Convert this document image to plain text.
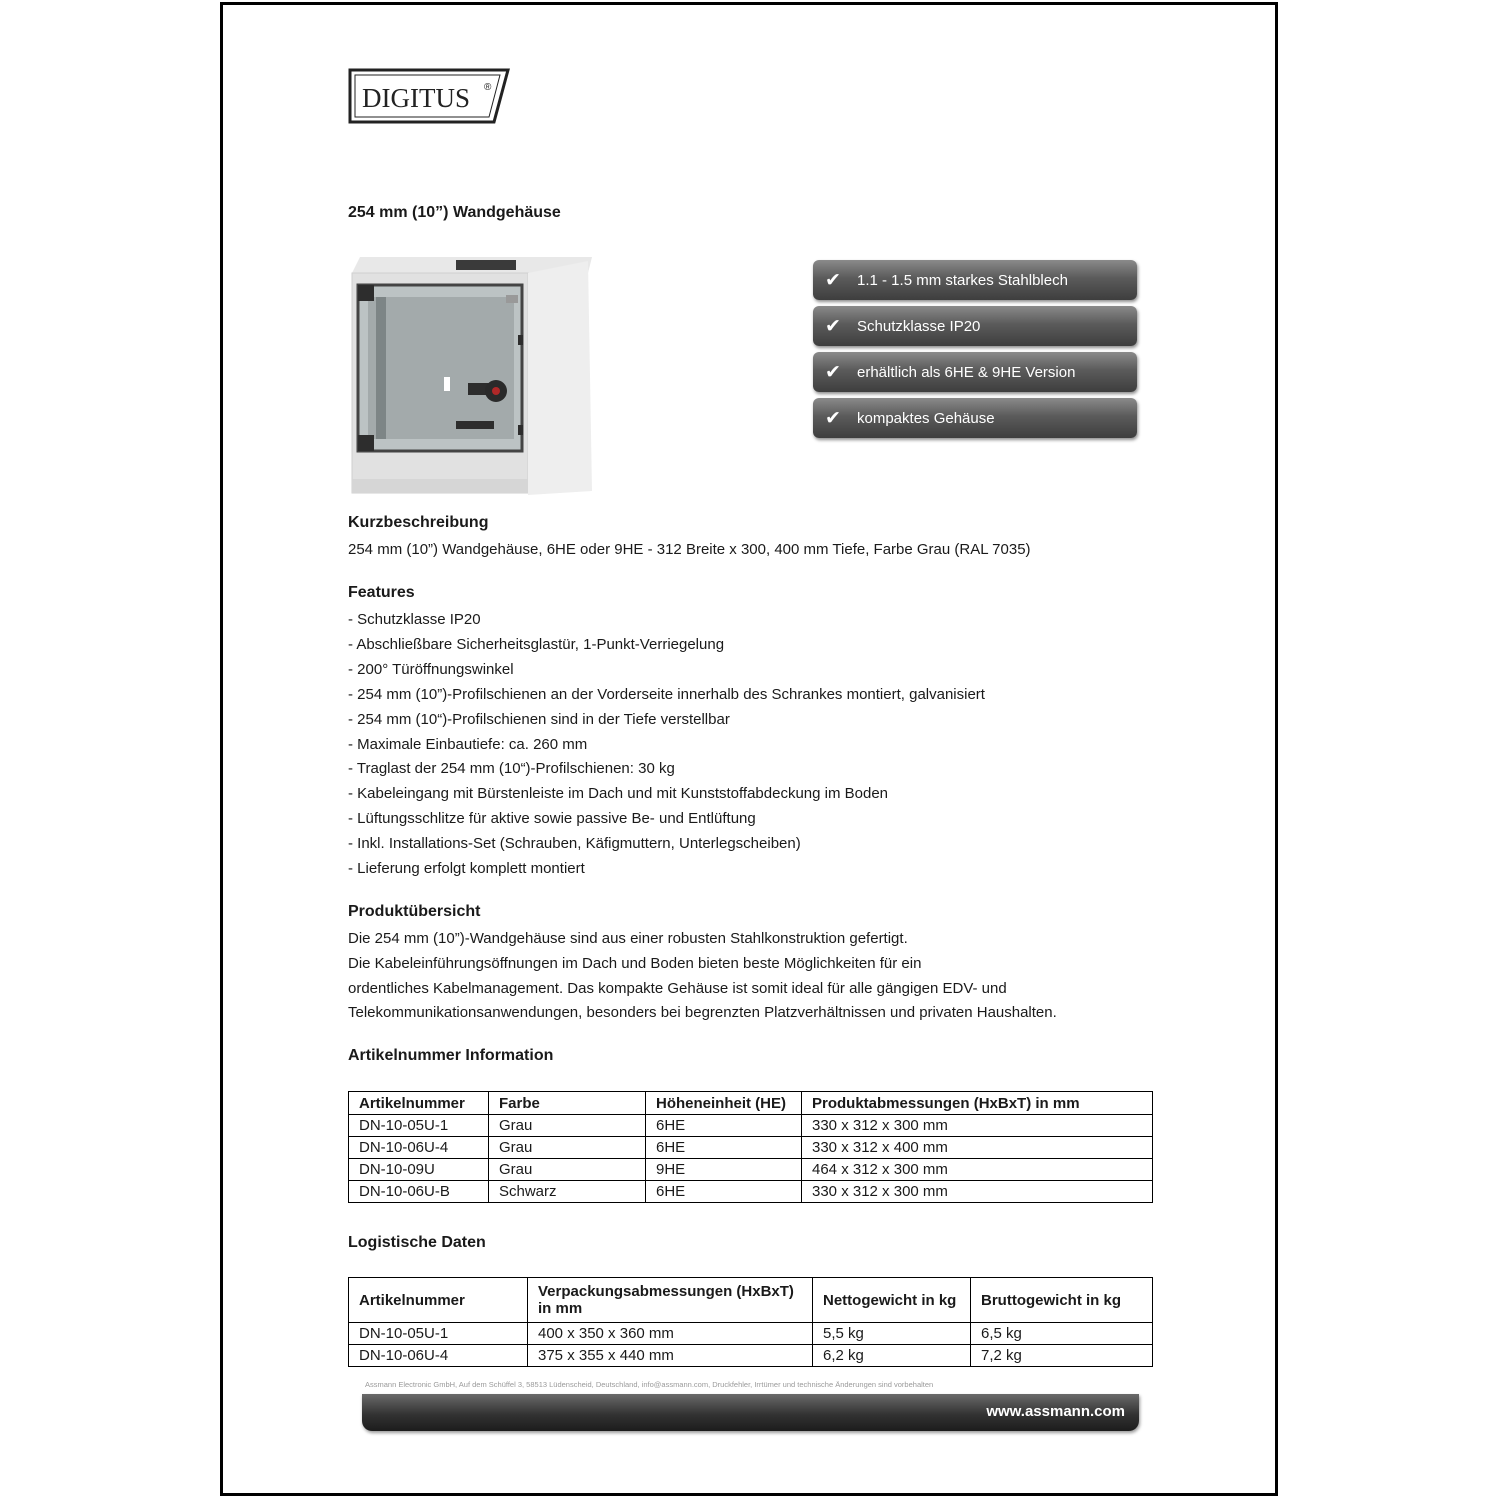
DIGITUS ®
254 mm (10”) Wandgehäuse
✔	1.1 - 1.5 mm starkes Stahlblech
✔	Schutzklasse IP20
✔	erhältlich als 6HE & 9HE Version
✔	kompaktes Gehäuse
Kurzbeschreibung

254 mm (10”) Wandgehäuse, 6HE oder 9HE - 312 Breite x 300, 400 mm Tiefe, Farbe Grau (RAL 7035)

Features
- Schutzklasse IP20
- Abschließbare Sicherheitsglastür, 1-Punkt-Verriegelung
- 200° Türöffnungswinkel
- 254 mm (10”)-Profilschienen an der Vorderseite innerhalb des Schrankes montiert, galvanisiert
- 254 mm (10“)-Profilschienen sind in der Tiefe verstellbar
- Maximale Einbautiefe: ca. 260 mm
- Traglast der 254 mm (10“)-Profilschienen: 30 kg
- Kabeleingang mit Bürstenleiste im Dach und mit Kunststoffabdeckung im Boden
- Lüftungsschlitze für aktive sowie passive Be- und Entlüftung
- Inkl. Installations-Set (Schrauben, Käfigmuttern, Unterlegscheiben)
- Lieferung erfolgt komplett montiert
Produktübersicht

Die 254 mm (10”)-Wandgehäuse sind aus einer robusten Stahlkonstruktion gefertigt.

Die Kabeleinführungsöffnungen im Dach und Boden bieten beste Möglichkeiten für ein

ordentliches Kabelmanagement. Das kompakte Gehäuse ist somit ideal für alle gängigen EDV- und

Telekommunikationsanwendungen, besonders bei begrenzten Platzverhältnissen und privaten Haushalten.

Artikelnummer Information
Artikelnummer	Farbe	Höheneinheit (HE)	Produktabmessungen (HxBxT) in mm
DN-10-05U-1	Grau	6HE	330 x 312 x 300 mm
DN-10-06U-4	Grau	6HE	330 x 312 x 400 mm
DN-10-09U	Grau	9HE	464 x 312 x 300 mm
DN-10-06U-B	Schwarz	6HE	330 x 312 x 300 mm
Logistische Daten
Artikelnummer	Verpackungsabmessungen (HxBxT) in mm	Nettogewicht in kg	Bruttogewicht in kg
DN-10-05U-1	400 x 350 x 360 mm	5,5 kg	6,5 kg
DN-10-06U-4	375 x 355 x 440 mm	6,2 kg	7,2 kg
Assmann Electronic GmbH, Auf dem Schüffel 3, 58513 Lüdenscheid, Deutschland, info@assmann.com, Druckfehler, Irrtümer und technische Änderungen sind vorbehalten
www.assmann.com
